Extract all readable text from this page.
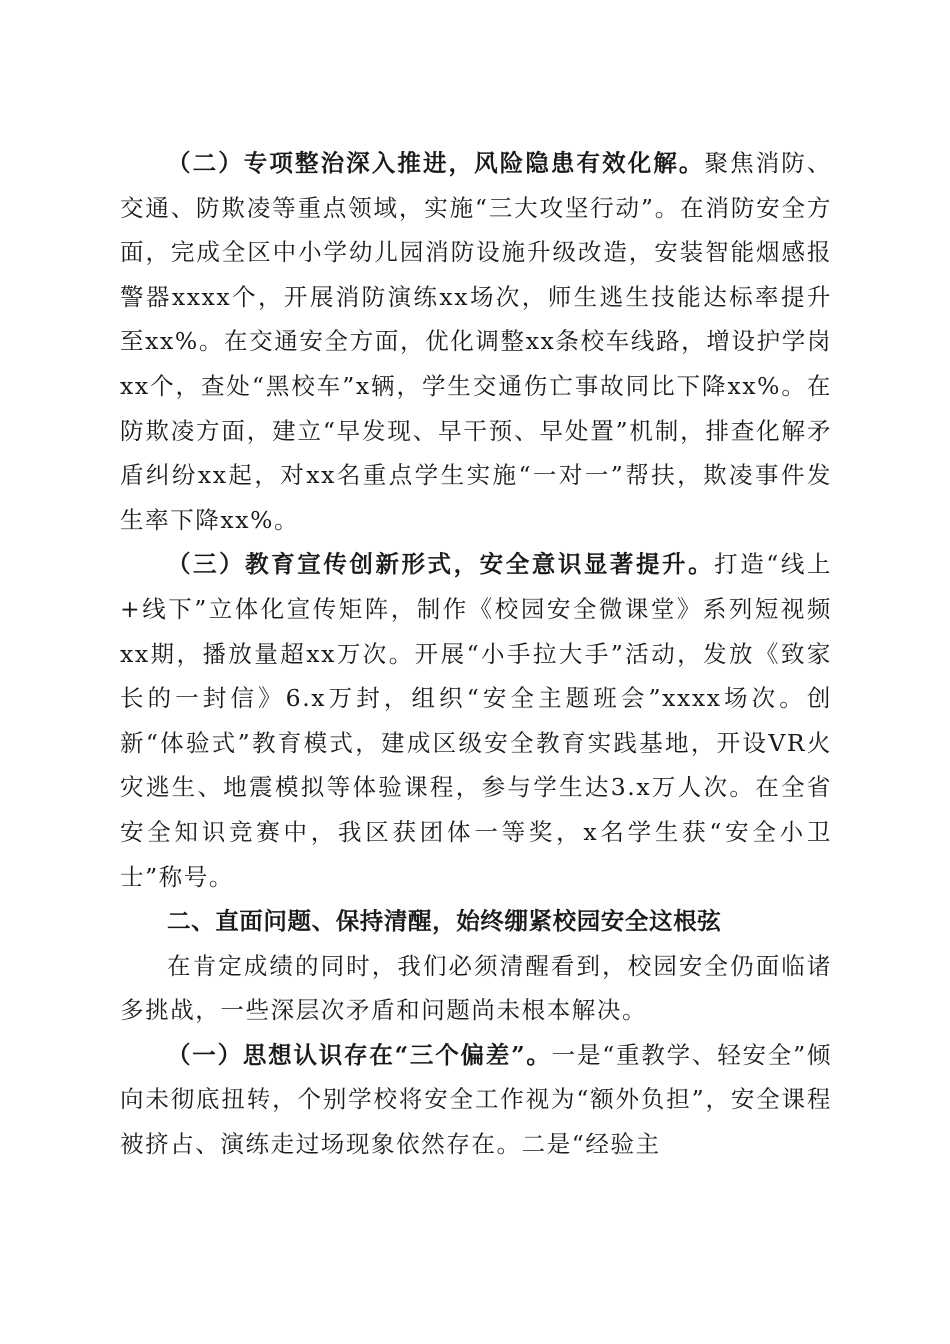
（二）专项整治深入推进，风险隐患有效化解。聚焦消防、交通、防欺凌等重点领域，实施“三大攻坚行动”。在消防安全方面，完成全区中小学幼儿园消防设施升级改造，安装智能烟感报警器xxxx个，开展消防演练xx场次，师生逃生技能达标率提升至xx%。在交通安全方面，优化调整xx条校车线路，增设护学岗xx个，查处“黑校车”x辆，学生交通伤亡事故同比下降xx%。在防欺凌方面，建立“早发现、早干预、早处置”机制，排查化解矛盾纠纷xx起，对xx名重点学生实施“一对一”帮扶，欺凌事件发生率下降xx%。

（三）教育宣传创新形式，安全意识显著提升。打造“线上+线下”立体化宣传矩阵，制作《校园安全微课堂》系列短视频xx期，播放量超xx万次。开展“小手拉大手”活动，发放《致家长的一封信》6.x万封，组织“安全主题班会”xxxx场次。创新“体验式”教育模式，建成区级安全教育实践基地，开设VR火灾逃生、地震模拟等体验课程，参与学生达3.x万人次。在全省安全知识竞赛中，我区获团体一等奖，x名学生获“安全小卫士”称号。

二、直面问题、保持清醒，始终绷紧校园安全这根弦

在肯定成绩的同时，我们必须清醒看到，校园安全仍面临诸多挑战，一些深层次矛盾和问题尚未根本解决。

（一）思想认识存在“三个偏差”。一是“重教学、轻安全”倾向未彻底扭转，个别学校将安全工作视为“额外负担”，安全课程被挤占、演练走过场现象依然存在。二是“经验主
